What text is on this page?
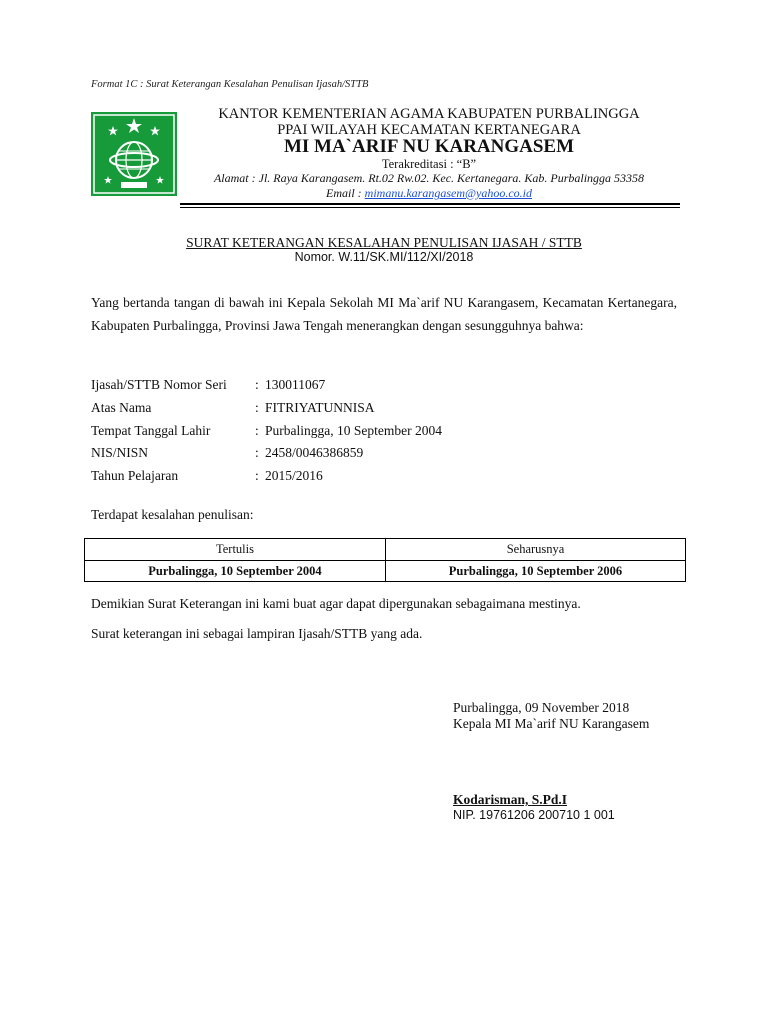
Format 1C : Surat Keterangan Kesalahan Penulisan Ijasah/STTB
KANTOR KEMENTERIAN AGAMA KABUPATEN PURBALINGGA
PPAI WILAYAH KECAMATAN KERTANEGARA
MI MA`ARIF NU KARANGASEM
Terakreditasi : “B”
Alamat : Jl. Raya Karangasem. Rt.02 Rw.02. Kec. Kertanegara. Kab. Purbalingga 53358
Email : mimanu.karangasem@yahoo.co.id
SURAT KETERANGAN KESALAHAN PENULISAN IJASAH / STTB
Nomor. W.11/SK.MI/112/XI/2018
Yang bertanda tangan di bawah ini Kepala Sekolah MI Ma`arif NU Karangasem, Kecamatan Kertanegara, Kabupaten Purbalingga, Provinsi Jawa Tengah menerangkan dengan sesungguhnya bahwa:
Ijasah/STTB Nomor Seri : 130011067
Atas Nama	: FITRIYATUNNISA
Tempat Tanggal Lahir	: Purbalingga, 10 September 2004
NIS/NISN	: 2458/0046386859
Tahun Pelajaran	: 2015/2016
Terdapat kesalahan penulisan:
Tertulis	Seharusnya
Purbalingga, 10 September 2004	Purbalingga, 10 September 2006
Demikian Surat Keterangan ini kami buat agar dapat dipergunakan sebagaimana mestinya.
Surat keterangan ini sebagai lampiran Ijasah/STTB yang ada.
Purbalingga, 09 November 2018
Kepala MI Ma`arif NU Karangasem
Kodarisman, S.Pd.I
NIP. 19761206 200710 1 001
